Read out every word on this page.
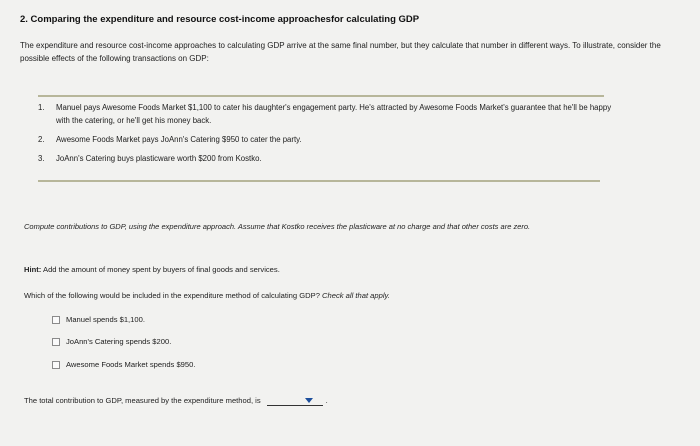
2. Comparing the expenditure and resource cost-income approachesfor calculating GDP
The expenditure and resource cost-income approaches to calculating GDP arrive at the same final number, but they calculate that number in different ways. To illustrate, consider the possible effects of the following transactions on GDP:
1. Manuel pays Awesome Foods Market $1,100 to cater his daughter's engagement party. He's attracted by Awesome Foods Market's guarantee that he'll be happy with the catering, or he'll get his money back.
2. Awesome Foods Market pays JoAnn's Catering $950 to cater the party.
3. JoAnn's Catering buys plasticware worth $200 from Kostko.
Compute contributions to GDP, using the expenditure approach. Assume that Kostko receives the plasticware at no charge and that other costs are zero.
Hint: Add the amount of money spent by buyers of final goods and services.
Which of the following would be included in the expenditure method of calculating GDP? Check all that apply.
Manuel spends $1,100.
JoAnn's Catering spends $200.
Awesome Foods Market spends $950.
The total contribution to GDP, measured by the expenditure method, is	.
